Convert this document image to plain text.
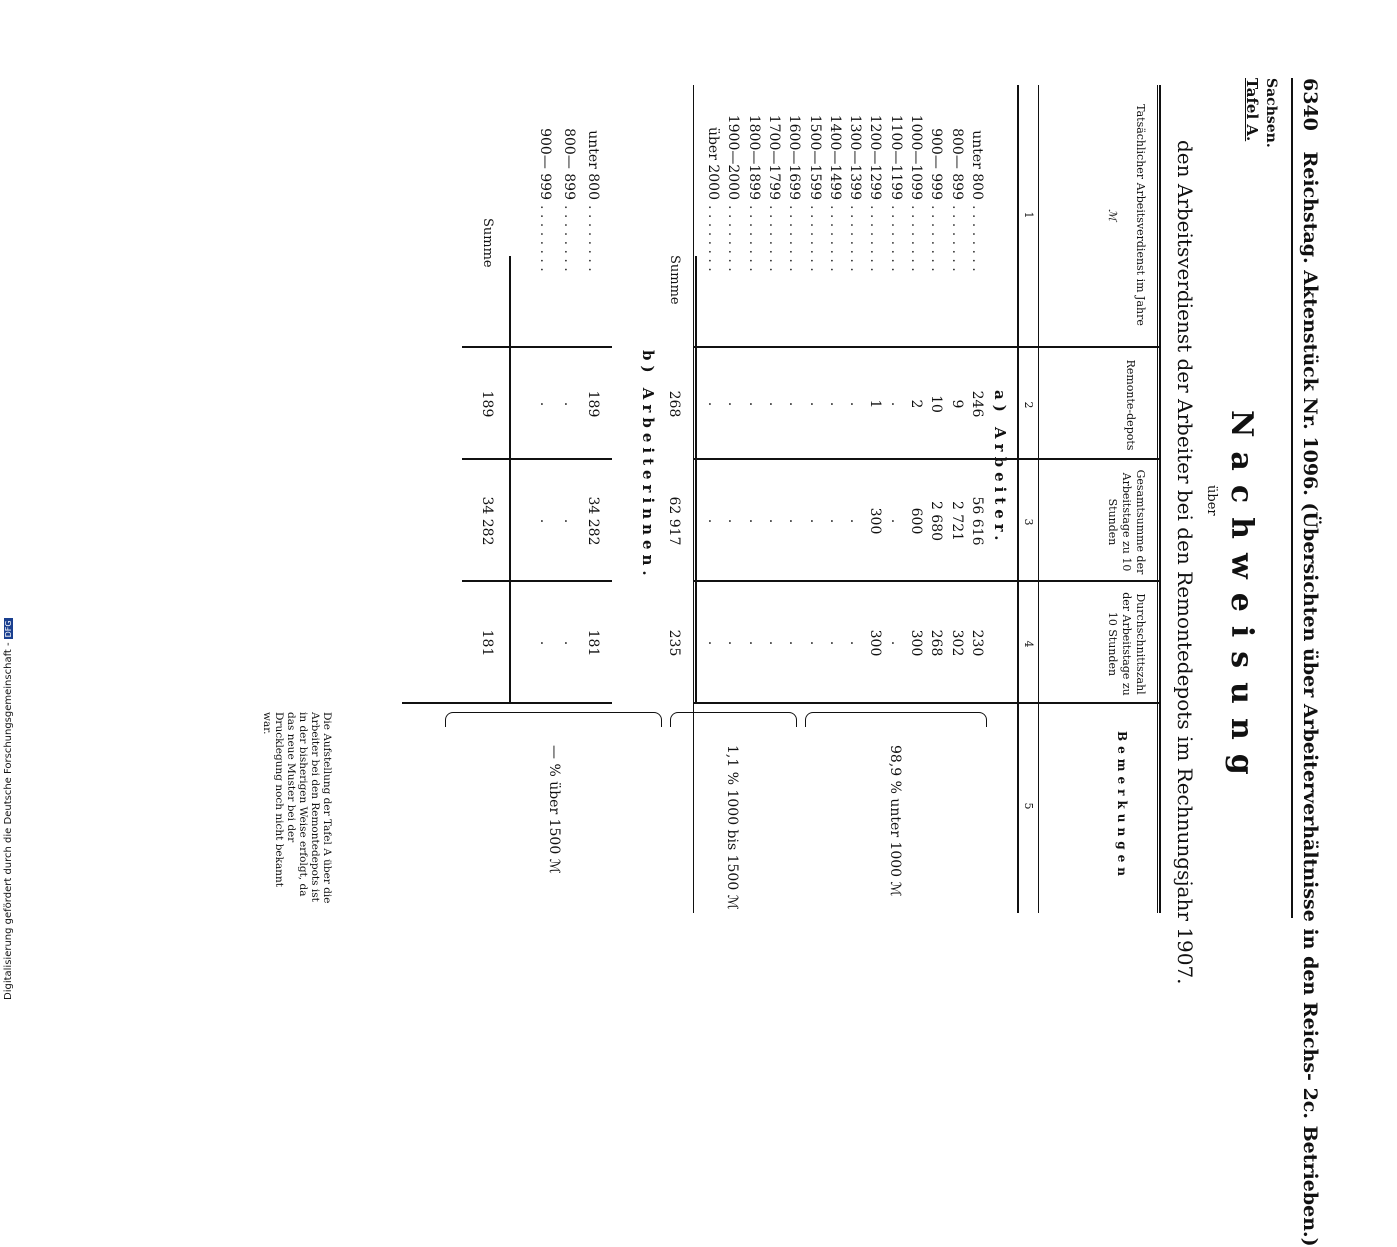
6340 Reichstag. Aktenstück Nr. 1096. (Übersichten über Arbeiterverhältnisse in den Reichs- 2c. Betrieben.)
Sachsen.
Tafel A.
Nachweisung
über
den Arbeitsverdienst der Arbeiter bei den Remontedepots im Rechnungsjahr 1907.
Tatsächlicher Arbeitsverdienst im Jahre
ℳ
Remonte-depots
Gesamtsumme der Arbeitstage zu 10 Stunden
Durchschnittszahl der Arbeitstage zu 10 Stunden
Bemerkungen
1
2
3
4
5
a) Arbeiter.
unter 800
. . . . . . . .
246
56 616
230
800— 899
. . . . . . . .
9
2 721
302
900— 999
. . . . . . . .
10
2 680
268
1000—1099
. . . . . . . .
2
600
300
1100—1199
. . . . . . . .
.
.
.
1200—1299
. . . . . . . .
1
300
300
1300—1399
. . . . . . . .
.
.
.
1400—1499
. . . . . . . .
.
.
.
1500—1599
. . . . . . . .
.
.
.
1600—1699
. . . . . . . .
.
.
.
1700—1799
. . . . . . . .
.
.
.
1800—1899
. . . . . . . .
.
.
.
1900—2000
. . . . . . . .
.
.
.
über 2000
. . . . . . . .
.
.
.
Summe
268
62 917
235
98,9 % unter 1000 ℳ
1,1 % 1000 bis 1500 ℳ
— % über 1500 ℳ
b) Arbeiterinnen.
unter 800
. . . . . . . .
189
34 282
181
800— 899
. . . . . . . .
.
.
.
900— 999
. . . . . . . .
.
.
.
Summe
189
34 282
181
Die Aufstellung der Tafel A über die Arbeiter bei den Remontedepots ist in der bisherigen Weise erfolgt, da das neue Muster bei der Drucklegung noch nicht bekannt war.
Digitalisierung gefördert durch die Deutsche Forschungsgemeinschaft -DFG
